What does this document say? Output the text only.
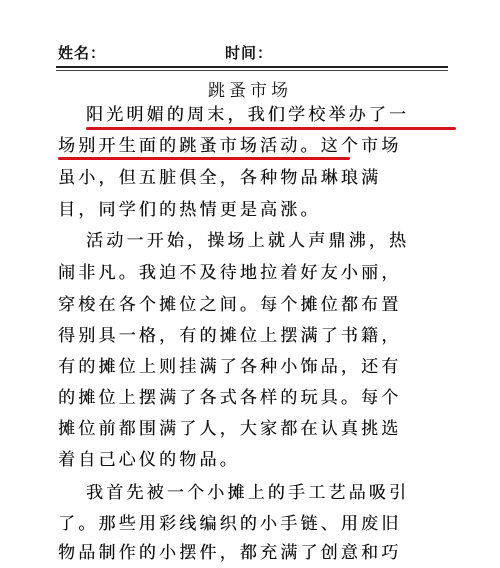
姓名：	时间：
跳蚤市场
阳光明媚的周末，我们学校举办了一
场别开生面的跳蚤市场活动。这个市场
虽小，但五脏俱全，各种物品琳琅满
目，同学们的热情更是高涨。
活动一开始，操场上就人声鼎沸，热
闹非凡。我迫不及待地拉着好友小丽，
穿梭在各个摊位之间。每个摊位都布置
得别具一格，有的摊位上摆满了书籍，
有的摊位上则挂满了各种小饰品，还有
的摊位上摆满了各式各样的玩具。每个
摊位前都围满了人，大家都在认真挑选
着自己心仪的物品。
我首先被一个小摊上的手工艺品吸引
了。那些用彩线编织的小手链、用废旧
物品制作的小摆件，都充满了创意和巧
